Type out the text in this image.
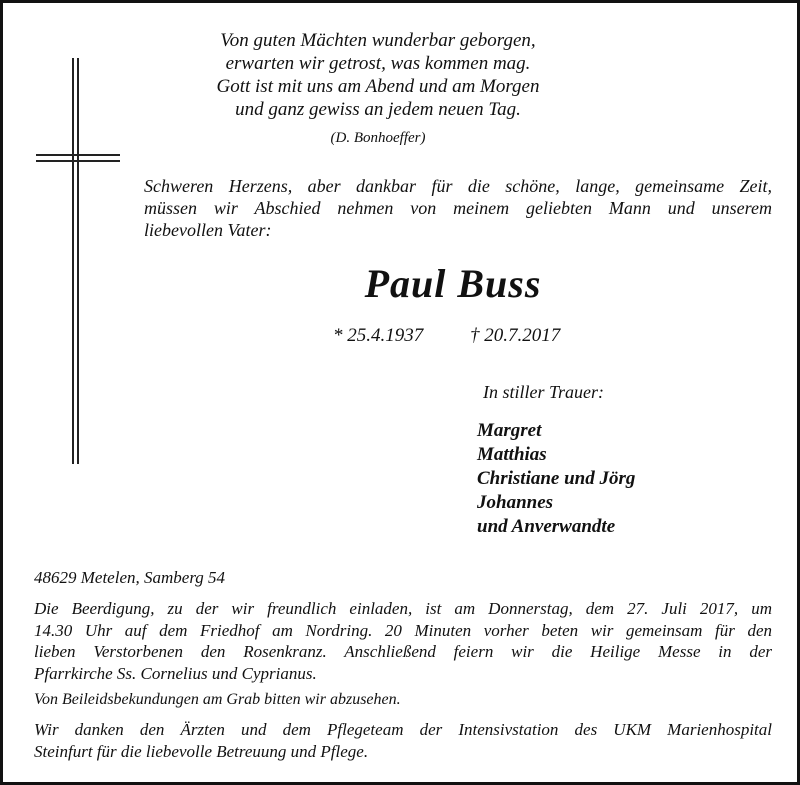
Von guten Mächten wunderbar geborgen,
erwarten wir getrost, was kommen mag.
Gott ist mit uns am Abend und am Morgen
und ganz gewiss an jedem neuen Tag.
(D. Bonhoeffer)
Schweren Herzens, aber dankbar für die schöne, lange, gemeinsame Zeit,
müssen wir Abschied nehmen von meinem geliebten Mann und unserem
liebevollen Vater:
Paul Buss
* 25.4.1937 † 20.7.2017
In stiller Trauer:
Margret
Matthias
Christiane und Jörg
Johannes
und Anverwandte
48629 Metelen, Samberg 54
Die Beerdigung, zu der wir freundlich einladen, ist am Donnerstag, dem 27. Juli 2017, um
14.30 Uhr auf dem Friedhof am Nordring. 20 Minuten vorher beten wir gemeinsam für den
lieben Verstorbenen den Rosenkranz. Anschließend feiern wir die Heilige Messe in der
Pfarrkirche Ss. Cornelius und Cyprianus.
Von Beileidsbekundungen am Grab bitten wir abzusehen.
Wir danken den Ärzten und dem Pflegeteam der Intensivstation des UKM Marienhospital
Steinfurt für die liebevolle Betreuung und Pflege.
